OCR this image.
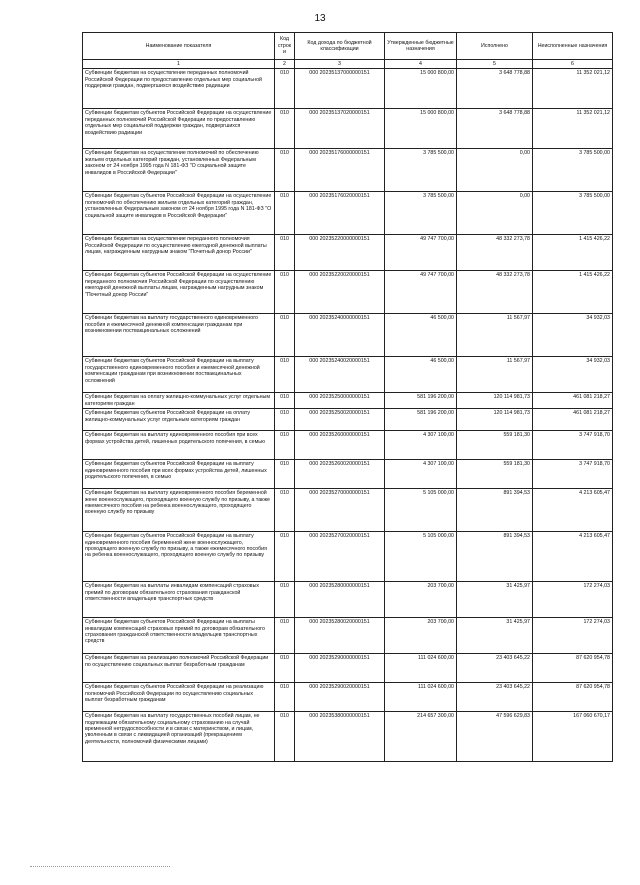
13
Наименование показателя	Код строк и	Код дохода по бюджетной классификации	Утвержденные бюджетные назначения	Исполнено	Неисполненные назначения
1	2	3	4	5	6
Субвенции бюджетам на осуществление переданных полномочий Российской Федерации по предоставлению отдельных мер социальной поддержки граждан, подвергшихся воздействию радиации	010	000 20235137000000151	15 000 800,00	3 648 778,88	11 352 021,12
Субвенции бюджетам субъектов Российской Федерации на осуществление переданных полномочий Российской Федерации по предоставлению отдельных мер социальной поддержки граждан, подвергшихся воздействию радиации	010	000 20235137020000151	15 000 800,00	3 648 778,88	11 352 021,12
Субвенции бюджетам на осуществление полномочий по обеспечению жильем отдельных категорий граждан, установленных Федеральным законом от 24 ноября 1995 года N 181-ФЗ "О социальной защите инвалидов в Российской Федерации"	010	000 20235176000000151	3 785 500,00	0,00	3 785 500,00
Субвенции бюджетам субъектов Российской Федерации на осуществление полномочий по обеспечению жильем отдельных категорий граждан, установленных Федеральным законом от 24 ноября 1995 года N 181-ФЗ "О социальной защите инвалидов в Российской Федерации"	010	000 20235176020000151	3 785 500,00	0,00	3 785 500,00
Субвенции бюджетам на осуществление переданного полномочия Российской Федерации по осуществлению ежегодной денежной выплаты лицам, награжденным нагрудным знаком "Почетный донор России"	010	000 20235220000000151	49 747 700,00	48 332 273,78	1 415 426,22
Субвенции бюджетам субъектов Российской Федерации на осуществление переданного полномочия Российской Федерации по осуществлению ежегодной денежной выплаты лицам, награжденным нагрудным знаком "Почетный донор России"	010	000 20235220020000151	49 747 700,00	48 332 273,78	1 415 426,22
Субвенции бюджетам на выплату государственного единовременного пособия и ежемесячной денежной компенсации гражданам при возникновении поствакцинальных осложнений	010	000 20235240000000151	46 500,00	11 567,97	34 932,03
Субвенции бюджетам субъектов Российской Федерации на выплату государственного единовременного пособия и ежемесячной денежной компенсации гражданам при возникновении поствакцинальных осложнений	010	000 20235240020000151	46 500,00	11 567,97	34 932,03
Субвенции бюджетам на оплату жилищно-коммунальных услуг отдельным категориям граждан	010	000 20235250000000151	581 196 200,00	120 114 981,73	461 081 218,27
Субвенции бюджетам субъектов Российской Федерации на оплату жилищно-коммунальных услуг отдельным категориям граждан	010	000 20235250020000151	581 196 200,00	120 114 981,73	461 081 218,27
Субвенции бюджетам на выплату единовременного пособия при всех формах устройства детей, лишенных родительского попечения, в семью	010	000 20235260000000151	4 307 100,00	559 181,30	3 747 918,70
Субвенции бюджетам субъектов Российской Федерации на выплату единовременного пособия при всех формах устройства детей, лишенных родительского попечения, в семью	010	000 20235260020000151	4 307 100,00	559 181,30	3 747 918,70
Субвенции бюджетам на выплату единовременного пособия беременной жене военнослужащего, проходящего военную службу по призыву, а также ежемесячного пособия на ребенка военнослужащего, проходящего военную службу по призыву	010	000 20235270000000151	5 105 000,00	891 394,53	4 213 605,47
Субвенции бюджетам субъектов Российской Федерации на выплату единовременного пособия беременной жене военнослужащего, проходящего военную службу по призыву, а также ежемесячного пособия на ребенка военнослужащего, проходящего военную службу по призыву	010	000 20235270020000151	5 105 000,00	891 394,53	4 213 605,47
Субвенции бюджетам на выплаты инвалидам компенсаций страховых премий по договорам обязательного страхования гражданской ответственности владельцев транспортных средств	010	000 20235280000000151	203 700,00	31 425,97	172 274,03
Субвенции бюджетам субъектов Российской Федерации на выплаты инвалидам компенсаций страховых премий по договорам обязательного страхования гражданской ответственности владельцев транспортных средств	010	000 20235280020000151	203 700,00	31 425,97	172 274,03
Субвенции бюджетам на реализацию полномочий Российской Федерации по осуществлению социальных выплат безработным гражданам	010	000 20235290000000151	111 024 600,00	23 403 645,22	87 620 954,78
Субвенции бюджетам субъектов Российской Федерации на реализацию полномочий Российской Федерации по осуществлению социальных выплат безработным гражданам	010	000 20235290020000151	111 024 600,00	23 403 645,22	87 620 954,78
Субвенции бюджетам на выплату государственных пособий лицам, не подлежащим обязательному социальному страхованию на случай временной нетрудоспособности и в связи с материнством, и лицам, уволенным в связи с ликвидацией организаций (прекращением деятельности, полномочий физическими лицами)	010	000 20235380000000151	214 657 300,00	47 596 629,83	167 060 670,17
